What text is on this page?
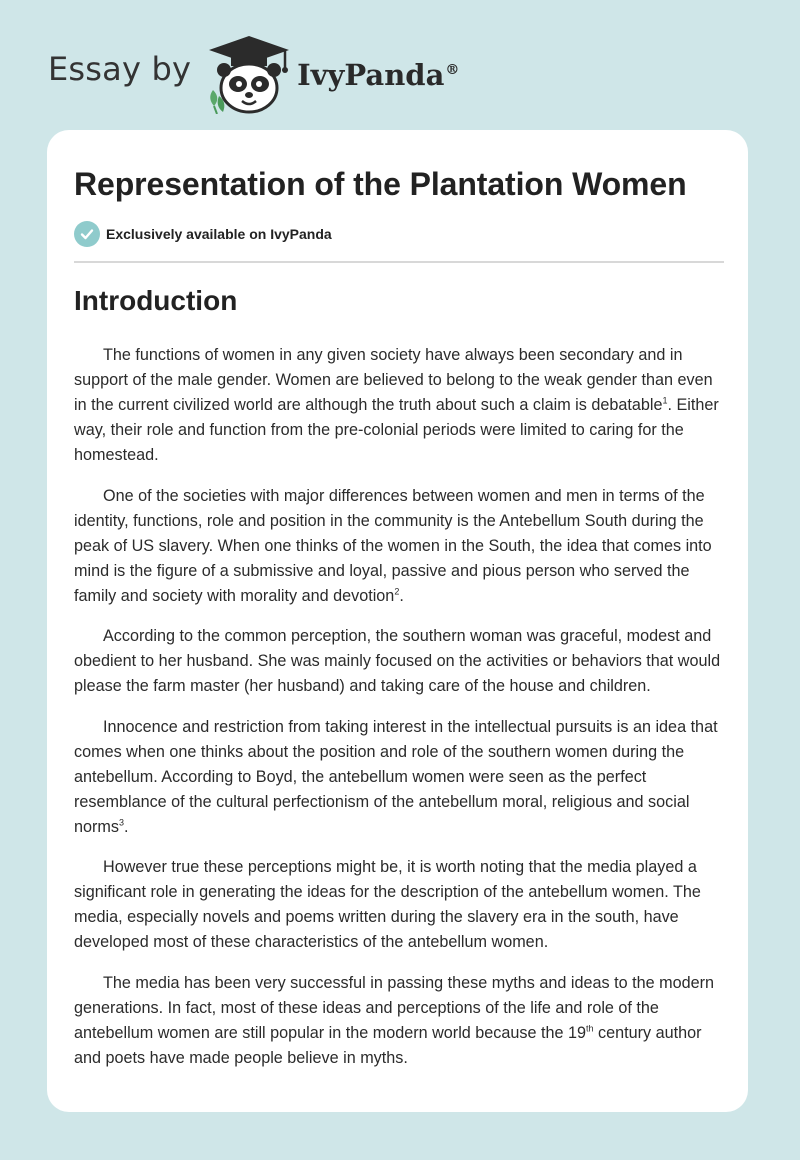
Essay by	IvyPanda®
Representation of the Plantation Women
Exclusively available on IvyPanda
Introduction

The functions of women in any given society have always been secondary and in support of the male gender. Women are believed to belong to the weak gender than even in the current civilized world are although the truth about such a claim is debatable$^1$. Either way, their role and function from the pre-colonial periods were limited to caring for the homestead.

One of the societies with major differences between women and men in terms of the identity, functions, role and position in the community is the Antebellum South during the peak of US slavery. When one thinks of the women in the South, the idea that comes into mind is the figure of a submissive and loyal, passive and pious person who served the family and society with morality and devotion$^2$.

According to the common perception, the southern woman was graceful, modest and obedient to her husband. She was mainly focused on the activities or behaviors that would please the farm master (her husband) and taking care of the house and children.

Innocence and restriction from taking interest in the intellectual pursuits is an idea that comes when one thinks about the position and role of the southern women during the antebellum. According to Boyd, the antebellum women were seen as the perfect resemblance of the cultural perfectionism of the antebellum moral, religious and social norms$^3$.

However true these perceptions might be, it is worth noting that the media played a significant role in generating the ideas for the description of the antebellum women. The media, especially novels and poems written during the slavery era in the south, have developed most of these characteristics of the antebellum women.

The media has been very successful in passing these myths and ideas to the modern generations. In fact, most of these ideas and perceptions of the life and role of the antebellum women are still popular in the modern world because the 19th century author and poets have made people believe in myths.
